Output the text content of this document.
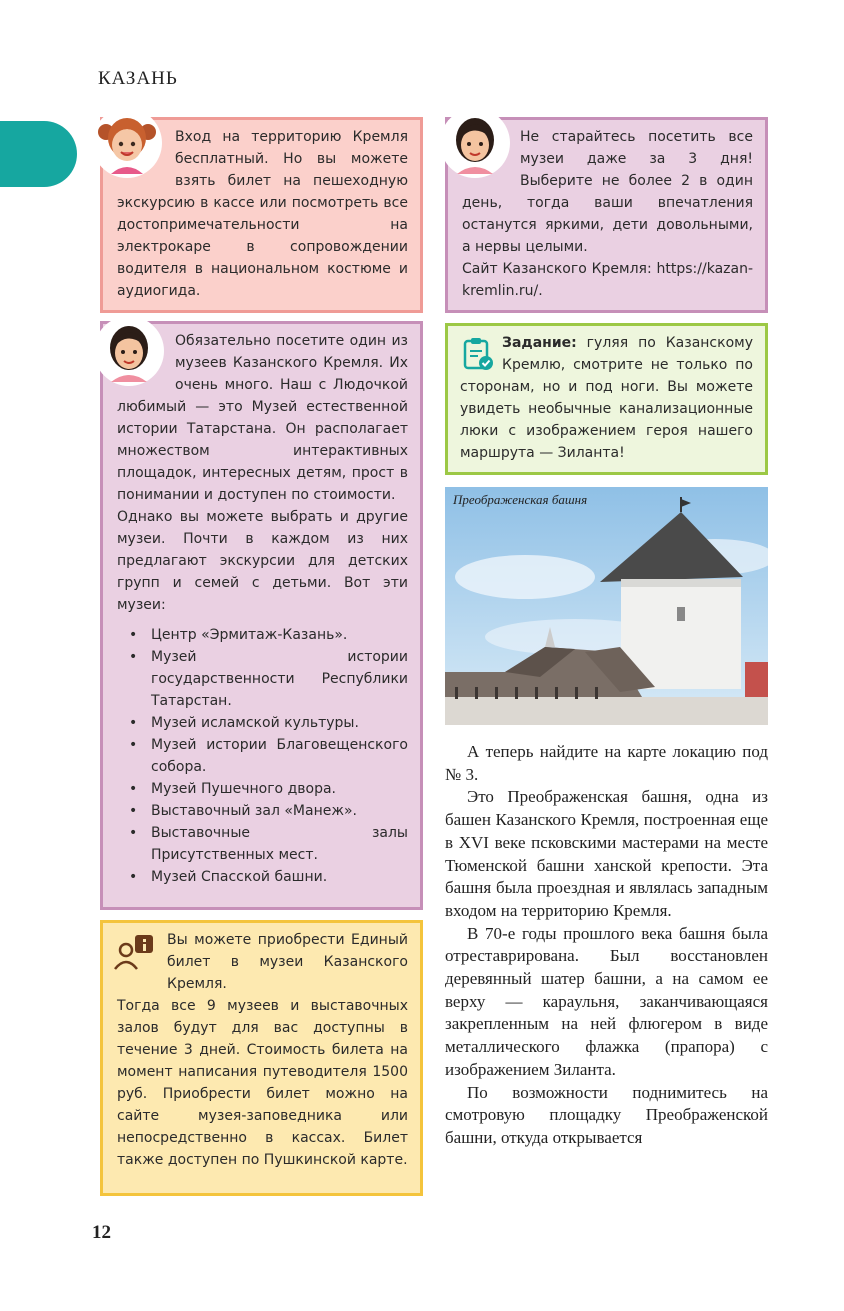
КАЗАНЬ

Вход на территорию Кремля бесплатный. Но вы можете взять билет на пешеходную экскурсию в кассе или посмотреть все достопримечательности на электрокаре в сопровождении водителя в национальном костюме и аудиогида.

Не старайтесь посетить все музеи даже за 3 дня! Выберите не более 2 в один день, тогда ваши впечатления останутся яркими, дети довольными, а нервы целыми.

Сайт Казанского Кремля: https://kazan-kremlin.ru/.

Обязательно посетите один из музеев Казанского Кремля. Их очень много. Наш с Людочкой любимый — это Музей естественной истории Татарстана. Он располагает множеством интерактивных площадок, интересных детям, прост в понимании и доступен по стоимости.

Однако вы можете выбрать и другие музеи. Почти в каждом из них предлагают экскурсии для детских групп и семей с детьми. Вот эти музеи:

• Центр «Эрмитаж-Казань».
• Музей истории государственности Республики Татарстан.
• Музей исламской культуры.
• Музей истории Благовещенского собора.
• Музей Пушечного двора.
• Выставочный зал «Манеж».
• Выставочные залы Присутственных мест.
• Музей Спасской башни.

Задание: гуляя по Казанскому Кремлю, смотрите не только по сторонам, но и под ноги. Вы можете увидеть необычные канализационные люки с изображением героя нашего маршрута — Зиланта!

Преображенская башня

А теперь найдите на карте локацию под № 3.

Это Преображенская башня, одна из башен Казанского Кремля, построенная еще в XVI веке псковскими мастерами на месте Тюменской башни ханской крепости. Эта башня была проездная и являлась западным входом на территорию Кремля.

В 70-е годы прошлого века башня была отреставрирована. Был восстановлен деревянный шатер башни, а на самом ее верху — карaульня, заканчивающаяся закрепленным на ней флюгером в виде металлического флажка (прапора) с изображением Зиланта.

По возможности поднимитесь на смотровую площадку Преображенской башни, откуда открывается

Вы можете приобрести Единый билет в музеи Казанского Кремля.

Тогда все 9 музеев и выставочных залов будут для вас доступны в течение 3 дней. Стоимость билета на момент написания путеводителя 1500 руб. Приобрести билет можно на сайте музея-заповедника или непосредственно в кассах. Билет также доступен по Пушкинской карте.

12
